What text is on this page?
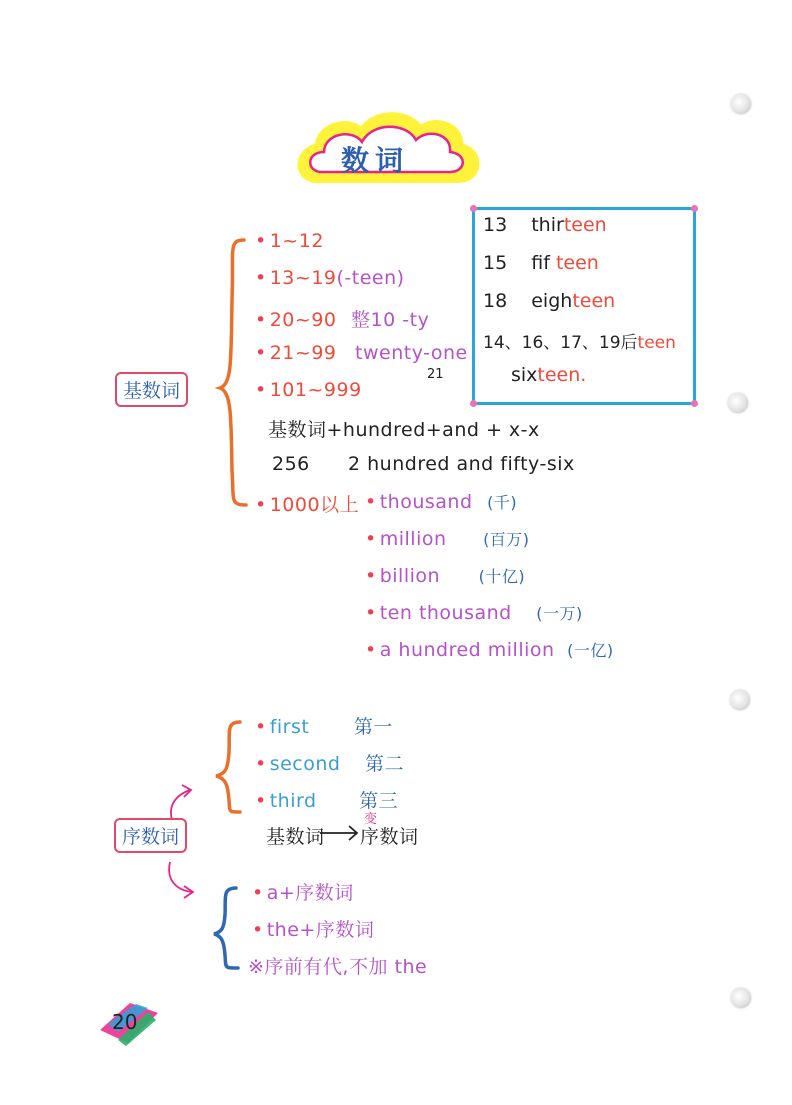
数词
基数词
• 1~12
• 13~19(-teen)
• 20~90 整10 -ty
• 21~99 twenty-one
21
• 101~999
基数词+hundred+and + x-x
256 2 hundred and fifty-six
• 1000以上 • thousand (千)
• million (百万)
• billion (十亿)
• ten thousand (一万)
• a hundred million (一亿)
13 thirteen
15 fif teen
18 eighteen
14、16、17、19后teen
sixteen.
序数词
• first 第一
• second 第二
• third 第三
变
基数词 序数词
• a+序数词
• the+序数词
※序前有代,不加 the
20
